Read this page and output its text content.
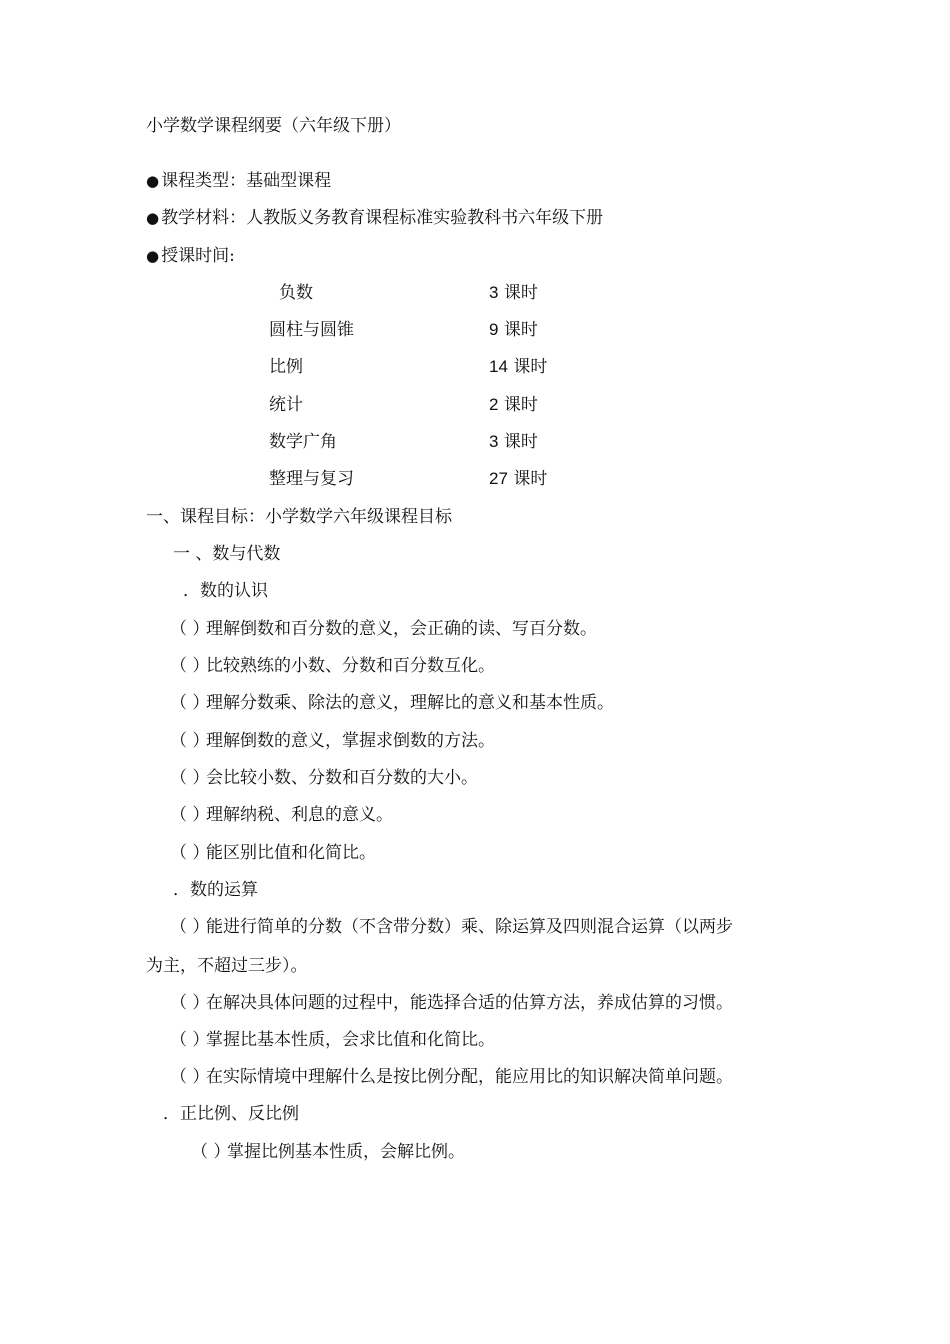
小学数学课程纲要（六年级下册）
● 课程类型：基础型课程
● 教学材料：人教版义务教育课程标准实验教科书六年级下册
● 授课时间:
负数	3 课时
圆柱与圆锥	9 课时
比例	14 课时
统计	2 课时
数学广角	3 课时
整理与复习	27 课时
一、课程目标：小学数学六年级课程目标
一 、数与代数
．数的认识
（ ）理解倒数和百分数的意义，会正确的读、写百分数。
（ ）比较熟练的小数、分数和百分数互化。
（ ）理解分数乘、除法的意义，理解比的意义和基本性质。
（ ）理解倒数的意义，掌握求倒数的方法。
（ ）会比较小数、分数和百分数的大小。
（ ）理解纳税、利息的意义。
（ ）能区别比值和化简比。
．数的运算
（ ）能进行简单的分数（不含带分数）乘、除运算及四则混合运算（以两步
为主，不超过三步）。
（ ）在解决具体问题的过程中，能选择合适的估算方法，养成估算的习惯。
（ ）掌握比基本性质，会求比值和化简比。
（ ）在实际情境中理解什么是按比例分配，能应用比的知识解决简单问题。
．正比例、反比例
（ ）掌握比例基本性质，会解比例。
